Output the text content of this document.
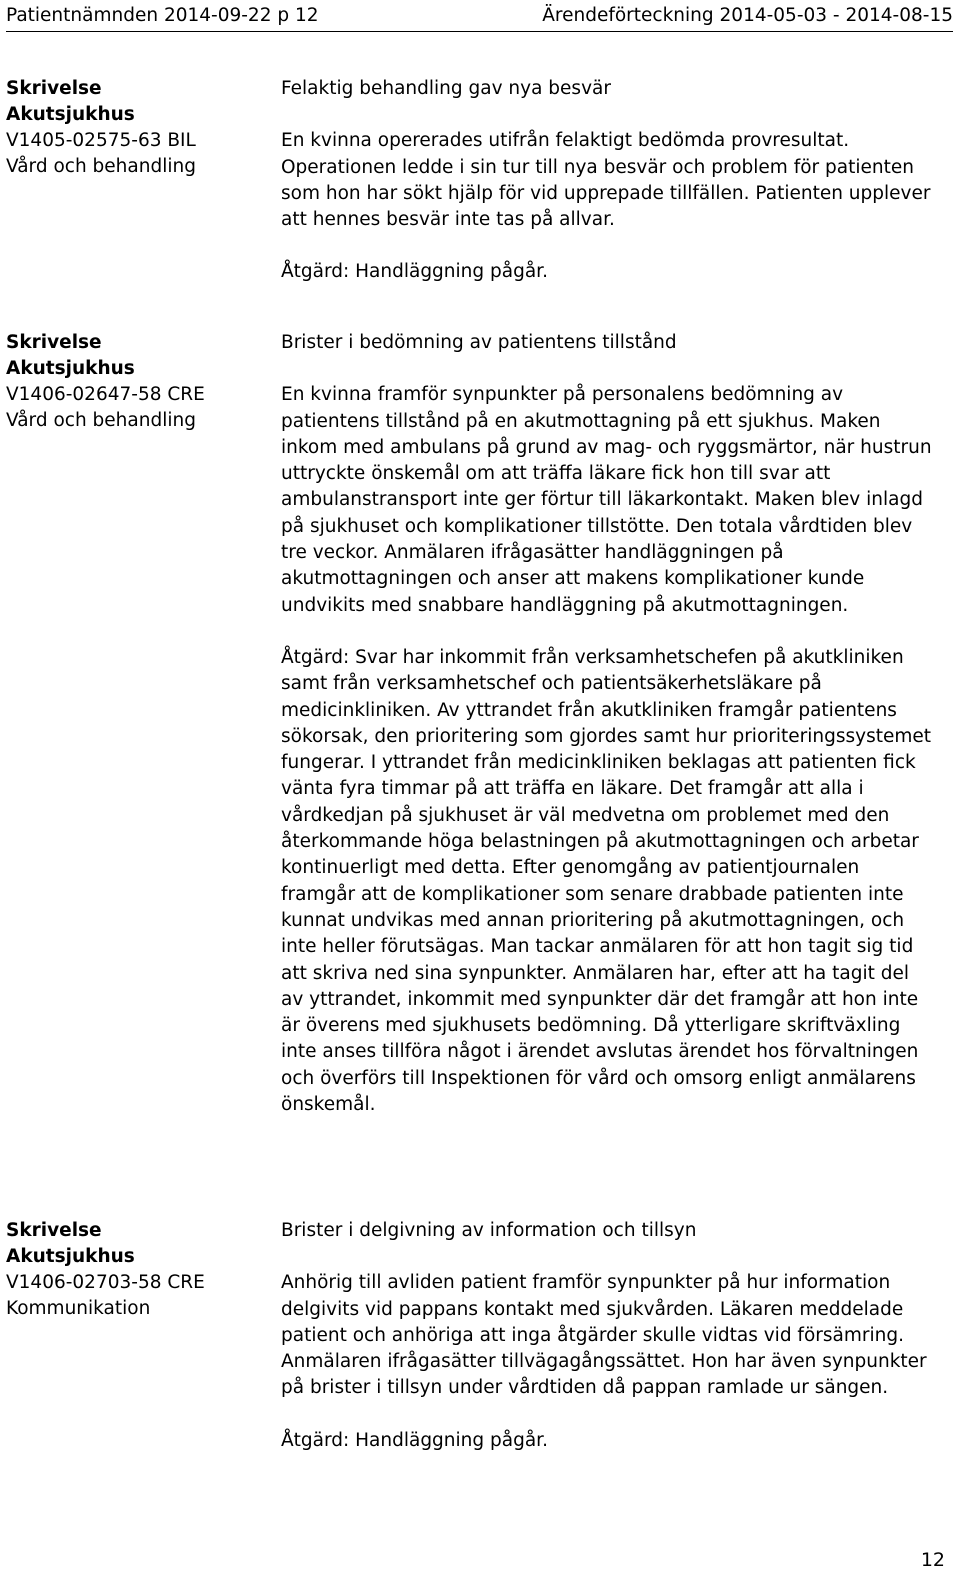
Patientnämnden 2014-09-22 p 12	Ärendeförteckning 2014-05-03 - 2014-08-15
Skrivelse
Akutsjukhus
V1405-02575-63 BIL
Vård och behandling

Felaktig behandling gav nya besvär

En kvinna opererades utifrån felaktigt bedömda provresultat. Operationen ledde i sin tur till nya besvär och problem för patienten som hon har sökt hjälp för vid upprepade tillfällen. Patienten upplever att hennes besvär inte tas på allvar.

Åtgärd: Handläggning pågår.

Skrivelse
Akutsjukhus
V1406-02647-58 CRE
Vård och behandling

Brister i bedömning av patientens tillstånd

En kvinna framför synpunkter på personalens bedömning av patientens tillstånd på en akutmottagning på ett sjukhus. Maken inkom med ambulans på grund av mag- och ryggsmärtor, när hustrun uttryckte önskemål om att träffa läkare fick hon till svar att ambulanstransport inte ger förtur till läkarkontakt. Maken blev inlagd på sjukhuset och komplikationer tillstötte. Den totala vårdtiden blev tre veckor. Anmälaren ifrågasätter handläggningen på akutmottagningen och anser att makens komplikationer kunde undvikits med snabbare handläggning på akutmottagningen.

Åtgärd: Svar har inkommit från verksamhetschefen på akutkliniken samt från verksamhetschef och patientsäkerhetsläkare på medicinkliniken. Av yttrandet från akutkliniken framgår patientens sökorsak, den prioritering som gjordes samt hur prioriteringssystemet fungerar. I yttrandet från medicinkliniken beklagas att patienten fick vänta fyra timmar på att träffa en läkare. Det framgår att alla i vårdkedjan på sjukhuset är väl medvetna om problemet med den återkommande höga belastningen på akutmottagningen och arbetar kontinuerligt med detta. Efter genomgång av patientjournalen framgår att de komplikationer som senare drabbade patienten inte kunnat undvikas med annan prioritering på akutmottagningen, och inte heller förutsägas. Man tackar anmälaren för att hon tagit sig tid att skriva ned sina synpunkter. Anmälaren har, efter att ha tagit del av yttrandet, inkommit med synpunkter där det framgår att hon inte är överens med sjukhusets bedömning. Då ytterligare skriftväxling inte anses tillföra något i ärendet avslutas ärendet hos förvaltningen och överförs till Inspektionen för vård och omsorg enligt anmälarens önskemål.

Skrivelse
Akutsjukhus
V1406-02703-58 CRE
Kommunikation

Brister i delgivning av information och tillsyn

Anhörig till avliden patient framför synpunkter på hur information delgivits vid pappans kontakt med sjukvården. Läkaren meddelade patient och anhöriga att inga åtgärder skulle vidtas vid försämring. Anmälaren ifrågasätter tillvägagångssättet. Hon har även synpunkter på brister i tillsyn under vårdtiden då pappan ramlade ur sängen.

Åtgärd: Handläggning pågår.

12
